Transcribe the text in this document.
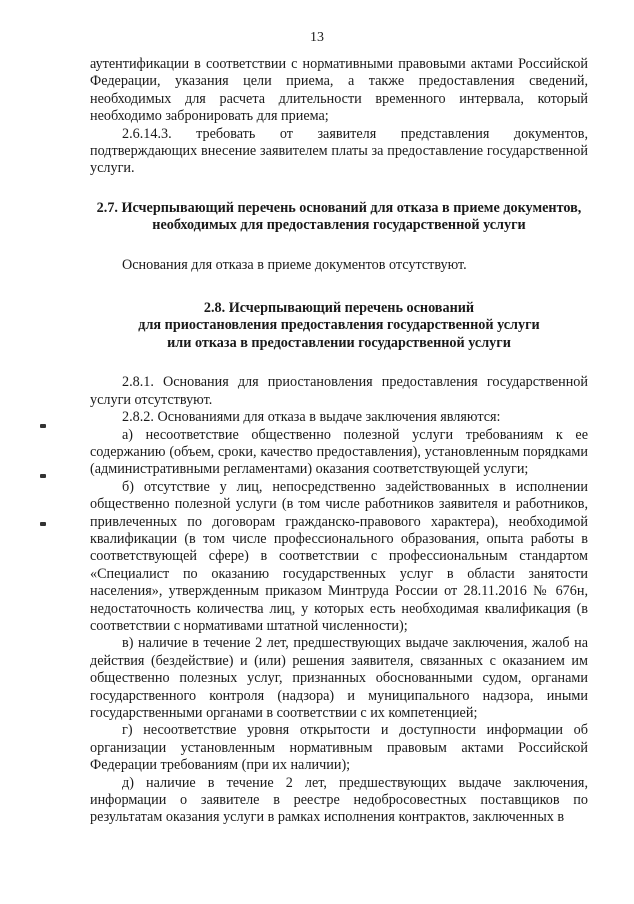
13

аутентификации в соответствии с нормативными правовыми актами Российской Федерации, указания цели приема, а также предоставления сведений, необходимых для расчета длительности временного интервала, который необходимо забронировать для приема;

2.6.14.3. требовать от заявителя представления документов, подтверждающих внесение заявителем платы за предоставление государственной услуги.

2.7. Исчерпывающий перечень оснований для отказа в приеме документов, необходимых для предоставления государственной услуги

Основания для отказа в приеме документов отсутствуют.

2.8. Исчерпывающий перечень оснований
для приостановления предоставления государственной услуги
или отказа в предоставлении государственной услуги

2.8.1. Основания для приостановления предоставления государственной услуги отсутствуют.

2.8.2. Основаниями для отказа в выдаче заключения являются:

а) несоответствие общественно полезной услуги требованиям к ее содержанию (объем, сроки, качество предоставления), установленным порядками (административными регламентами) оказания соответствующей услуги;

б) отсутствие у лиц, непосредственно задействованных в исполнении общественно полезной услуги (в том числе работников заявителя и работников, привлеченных по договорам гражданско-правового характера), необходимой квалификации (в том числе профессионального образования, опыта работы в соответствующей сфере) в соответствии с профессиональным стандартом «Специалист по оказанию государственных услуг в области занятости населения», утвержденным приказом Минтруда России от 28.11.2016 № 676н, недостаточность количества лиц, у которых есть необходимая квалификация (в соответствии с нормативами штатной численности);

в) наличие в течение 2 лет, предшествующих выдаче заключения, жалоб на действия (бездействие) и (или) решения заявителя, связанных с оказанием им общественно полезных услуг, признанных обоснованными судом, органами государственного контроля (надзора) и муниципального надзора, иными государственными органами в соответствии с их компетенцией;

г) несоответствие уровня открытости и доступности информации об организации установленным нормативным правовым актами Российской Федерации требованиям (при их наличии);

д) наличие в течение 2 лет, предшествующих выдаче заключения, информации о заявителе в реестре недобросовестных поставщиков по результатам оказания услуги в рамках исполнения контрактов, заключенных в
